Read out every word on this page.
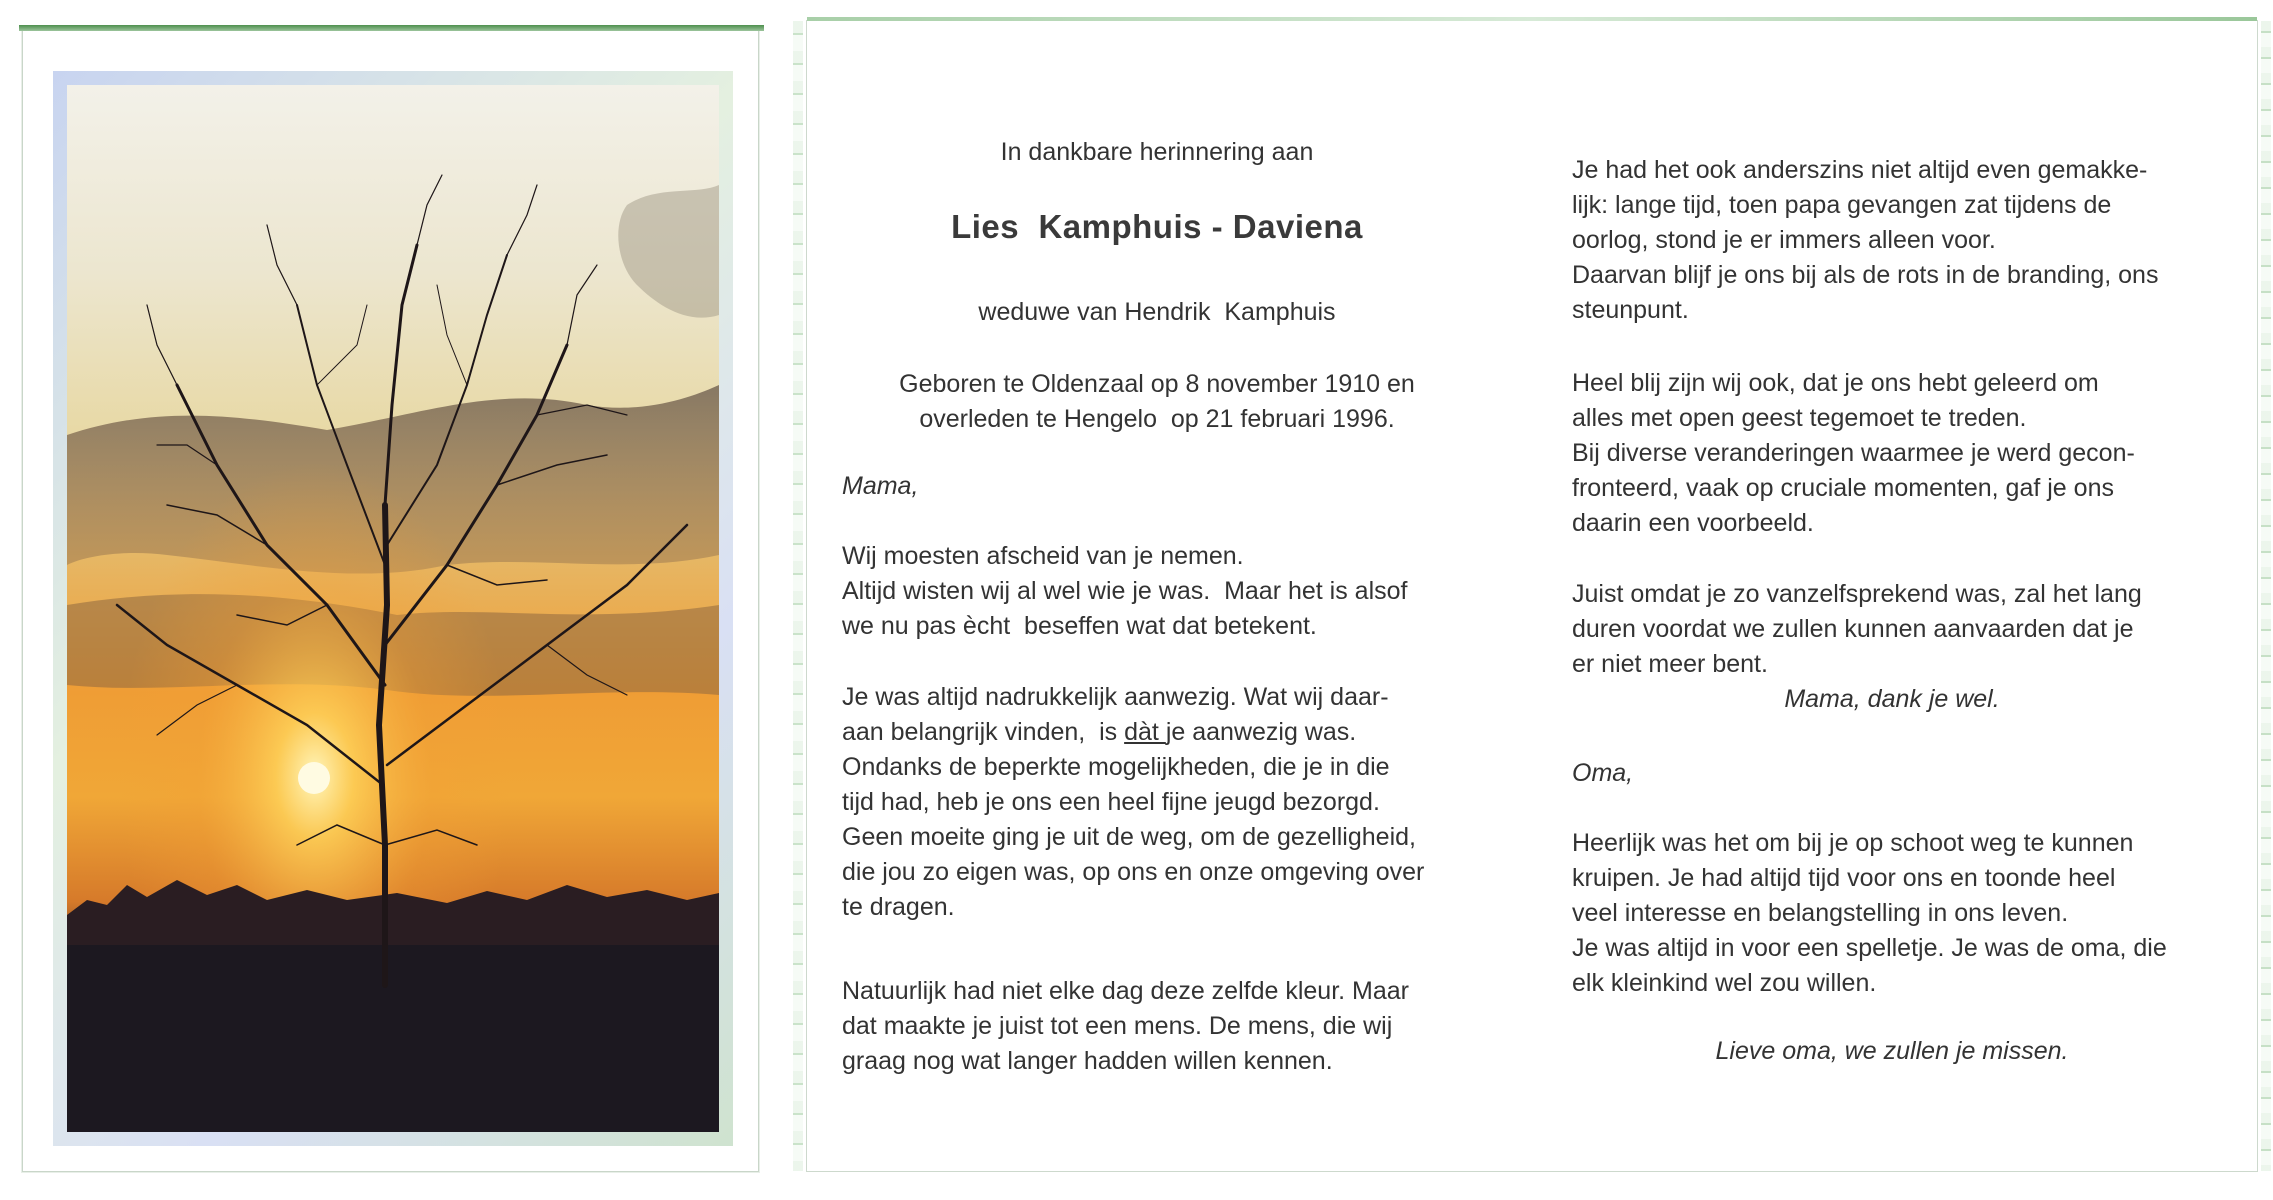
In dankbare herinnering aan
Lies  Kamphuis - Daviena
weduwe van Hendrik  Kamphuis
Geboren te Oldenzaal op 8 november 1910 en
overleden te Hengelo  op 21 februari 1996.
Mama,

Wij moesten afscheid van je nemen.
Altijd wisten wij al wel wie je was.  Maar het is alsof
we nu pas ècht  beseffen wat dat betekent.

Je was altijd nadrukkelijk aanwezig. Wat wij daar-
aan belangrijk vinden,  is dàt je aanwezig was.
Ondanks de beperkte mogelijkheden, die je in die
tijd had, heb je ons een heel fijne jeugd bezorgd.
Geen moeite ging je uit de weg, om de gezelligheid,
die jou zo eigen was, op ons en onze omgeving over
te dragen.

Natuurlijk had niet elke dag deze zelfde kleur. Maar
dat maakte je juist tot een mens. De mens, die wij
graag nog wat langer hadden willen kennen.

Je had het ook anderszins niet altijd even gemakke-
lijk: lange tijd, toen papa gevangen zat tijdens de
oorlog, stond je er immers alleen voor.
Daarvan blijf je ons bij als de rots in de branding, ons
steunpunt.

Heel blij zijn wij ook, dat je ons hebt geleerd om
alles met open geest tegemoet te treden.
Bij diverse veranderingen waarmee je werd gecon-
fronteerd, vaak op cruciale momenten, gaf je ons
daarin een voorbeeld.

Juist omdat je zo vanzelfsprekend was, zal het lang
duren voordat we zullen kunnen aanvaarden dat je
er niet meer bent.

Mama, dank je wel.
Oma,

Heerlijk was het om bij je op schoot weg te kunnen
kruipen. Je had altijd tijd voor ons en toonde heel
veel interesse en belangstelling in ons leven.
Je was altijd in voor een spelletje. Je was de oma, die
elk kleinkind wel zou willen.

Lieve oma, we zullen je missen.
